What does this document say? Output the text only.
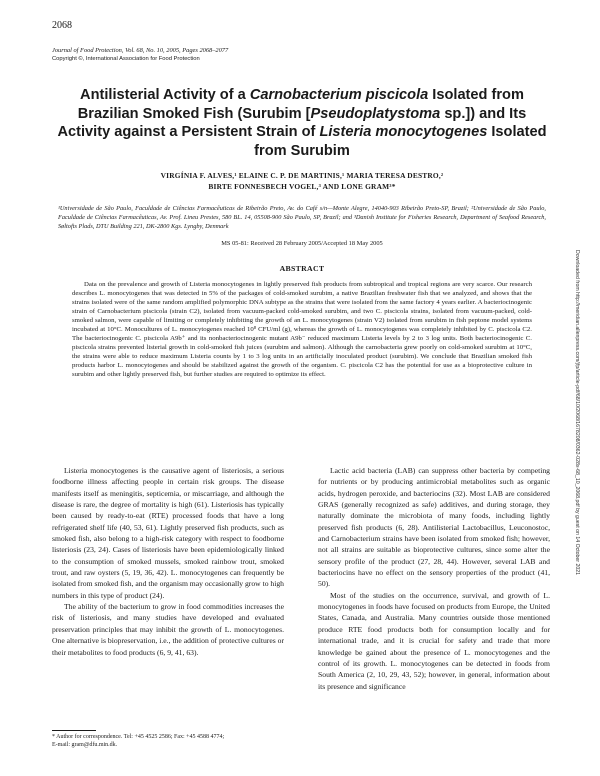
2068
Journal of Food Protection, Vol. 68, No. 10, 2005, Pages 2068–2077
Copyright ©, International Association for Food Protection
Antilisterial Activity of a Carnobacterium piscicola Isolated from Brazilian Smoked Fish (Surubim [Pseudoplatystoma sp.]) and Its Activity against a Persistent Strain of Listeria monocytogenes Isolated from Surubim
VIRGÍNIA F. ALVES,¹ ELAINE C. P. DE MARTINIS,¹ MARIA TERESA DESTRO,²
BIRTE FONNESBECH VOGEL,³ AND LONE GRAM³*
¹Universidade de São Paulo, Faculdade de Ciências Farmacêuticas de Ribeirão Preto, Av. do Café s/n—Monte Alegre, 14040-903 Ribeirão Preto-SP, Brazil; ²Universidade de São Paulo, Faculdade de Ciências Farmacêuticas, Av. Prof. Lineu Prestes, 580 BL. 14, 05508-900 São Paulo, SP, Brazil; and ³Danish Institute for Fisheries Research, Department of Seafood Research, Søltofts Plads, DTU Building 221, DK-2800 Kgs. Lyngby, Denmark
MS 05-81: Received 28 February 2005/Accepted 18 May 2005
ABSTRACT
Data on the prevalence and growth of Listeria monocytogenes in lightly preserved fish products from subtropical and tropical regions are very scarce. Our research describes L. monocytogenes that was detected in 5% of the packages of cold-smoked surubim, a native Brazilian freshwater fish that we analyzed, and shows that the strains isolated were of the same random amplified polymorphic DNA subtype as the strains that were isolated from the same factory 4 years earlier. A bacteriocinogenic strain of Carnobacterium piscicola (strain C2), isolated from vacuum-packed cold-smoked surubim, and two C. piscicola strains, isolated from vacuum-packed, cold-smoked salmon, were capable of limiting or completely inhibiting the growth of an L. monocytogenes (strain V2) isolated from surubim in fish peptone model systems incubated at 10°C. Monocultures of L. monocytogenes reached 10⁸ CFU/ml (g), whereas the growth of L. monocytogenes was completely inhibited by C. piscicola C2. The bacteriocinogenic C. piscicola A9b⁺ and its nonbacteriocinogenic mutant A9b⁻ reduced maximum Listeria levels by 2 to 3 log units. Both bacteriocinogenic C. piscicola strains prevented listerial growth in cold-smoked fish juices (surubim and salmon). Although the carnobacteria grew poorly on cold-smoked surubim at 10°C, the strains were able to reduce maximum Listeria counts by 1 to 3 log units in an artificially inoculated product (surubim). We conclude that Brazilian smoked fish products harbor L. monocytogenes and should be stabilized against the growth of the organism. C. piscicola C2 has the potential for use as a bioprotective culture in surubim and other lightly preserved fish, but further studies are required to optimize its effect.

Listeria monocytogenes is the causative agent of listeriosis, a serious foodborne illness affecting people in certain risk groups. The disease manifests itself as meningitis, septicemia, or miscarriage, and although the disease is rare, the degree of mortality is high (61). Listeriosis has typically been caused by ready-to-eat (RTE) processed foods that have a long refrigerated shelf life (40, 53, 61). Lightly preserved fish products, such as smoked fish, also belong to a high-risk category with respect to foodborne listeriosis (23, 24). Cases of listeriosis have been epidemiologically linked to the consumption of smoked mussels, smoked rainbow trout, smoked trout, and raw oysters (5, 19, 36, 42). L. monocytogenes can frequently be isolated from smoked fish, and the organism may occasionally grow to high numbers in this type of product (24).

The ability of the bacterium to grow in food commodities increases the risk of listeriosis, and many studies have developed and evaluated preservation principles that may inhibit the growth of L. monocytogenes. One alternative is biopreservation, i.e., the addition of protective cultures or their metabolites to food products (6, 9, 41, 63).

Lactic acid bacteria (LAB) can suppress other bacteria by competing for nutrients or by producing antimicrobial metabolites such as organic acids, hydrogen peroxide, and bacteriocins (32). Most LAB are considered GRAS (generally recognized as safe) additives, and during storage, they naturally dominate the microbiota of many foods, including lightly preserved fish products (6, 28). Antilisterial Lactobacillus, Leuconostoc, and Carnobacterium strains have been isolated from smoked fish; however, not all strains are suitable as bioprotective cultures, since some alter the sensory profile of the product (27, 28, 44). However, several LAB and bacteriocins have no effect on the sensory properties of the product (41, 50).

Most of the studies on the occurrence, survival, and growth of L. monocytogenes in foods have focused on products from Europe, the United States, Canada, and Australia. Many countries outside those mentioned produce RTE food products both for consumption locally and for international trade, and it is crucial for safety and trade that more knowledge be gained about the presence of L. monocytogenes and the control of its growth. L. monocytogenes can be detected in foods from South America (2, 10, 29, 43, 52); however, in general, information about its presence and significance

* Author for correspondence. Tel: +45 4525 2586; Fax: +45 4588 4774;
E-mail: gram@dfu.min.dk.
Downloaded from http://meridian.allenpress.com/jfp/article-pdf/68/10/2068/1678208/0362-028x-68_10_2068.pdf by guest on 14 October 2021
